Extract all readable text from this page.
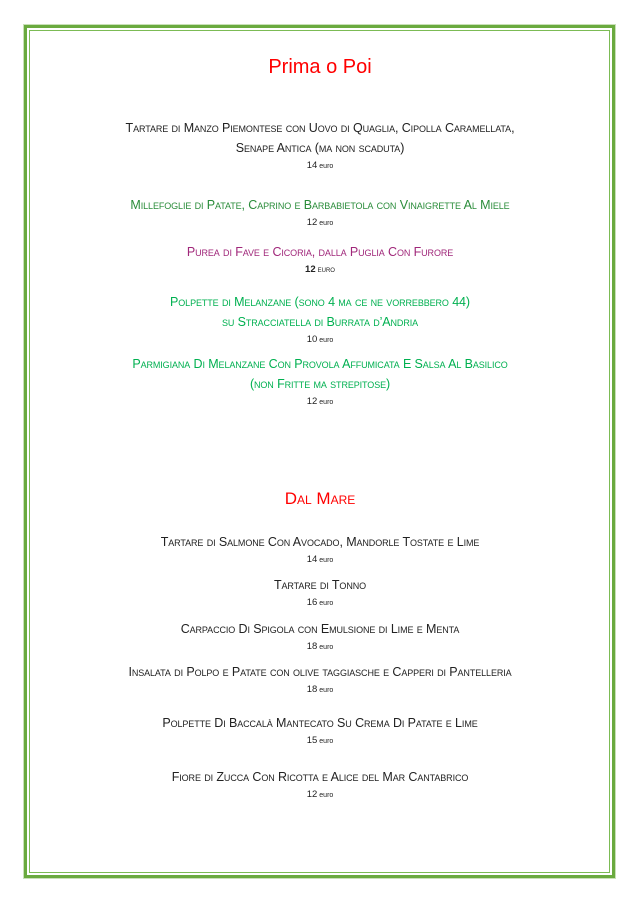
Prima o Poi
Tartare di Manzo Piemontese con Uovo di Quaglia, Cipolla Caramellata,
Senape Antica (ma non scaduta)
14 euro
Millefoglie di Patate, Caprino e Barbabietola con Vinaigrette Al Miele
12 euro
Purea di Fave e Cicoria, dalla Puglia Con Furore
12 EURO
Polpette di Melanzane (sono 4 ma ce ne vorrebbero 44)
su Stracciatella di Burrata d’Andria
10 euro
Parmigiana Di Melanzane Con Provola Affumicata E Salsa Al Basilico
(non Fritte ma strepitose)
12 euro
Dal Mare
Tartare di Salmone Con Avocado, Mandorle Tostate e Lime
14 euro
Tartare di Tonno
16 euro
Carpaccio Di Spigola con Emulsione di Lime e Menta
18 euro
Insalata di Polpo e Patate con olive taggiasche e Capperi di Pantelleria
18 euro
Polpette Di Baccalà Mantecato Su Crema Di Patate e Lime
15 euro
Fiore di Zucca Con Ricotta e Alice del Mar Cantabrico
12 euro
